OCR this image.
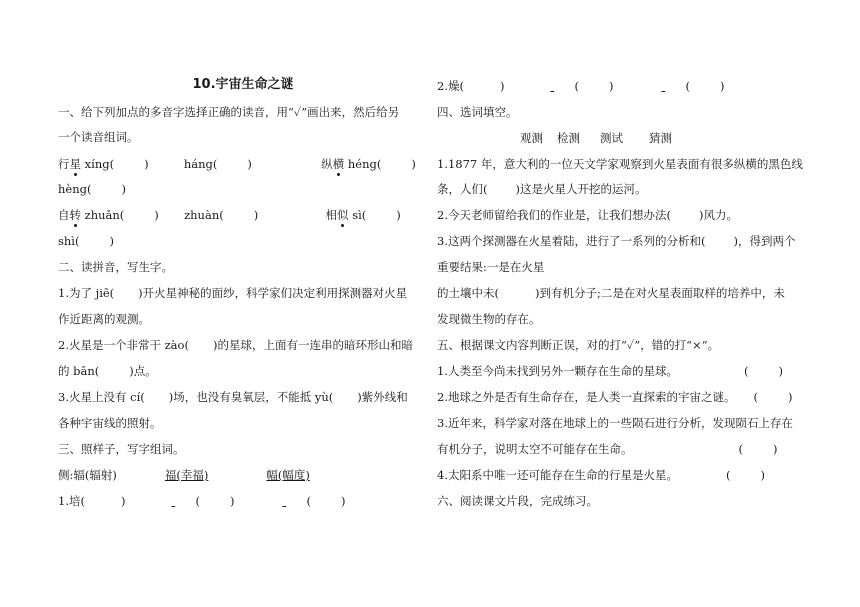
10.宇宙生命之谜
一、给下列加点的多音字选择正确的读音，用“✓”画出来，然后给另
一个读音组词。
行星 xíng(	)	háng(	)	纵横 héng(	)
hèng(	)
自转 zhuǎn(	) zhuàn(	)	相似 sì(	)
shì(	)
二、读拼音，写生字。
1.为了 jiē( )开火星神秘的面纱，科学家们决定利用探测器对火星
作近距离的观测。
2.火星是一个非常干 zào( )的星球，上面有一连串的暗环形山和暗
的 bān(	)点。
3.火星上没有 cí( )场，也没有臭氧层，不能抵 yù( )紫外线和
各种宇宙线的照射。
三、照样子，写字组词。
侧:辐(辐射)	福(幸福)	幅(幅度)
1.培(	)	(	)	(	)
2.燥(	)	(	)	(	)
四、选词填空。
观测 检测 测试 猜测
1.1877 年，意大利的一位天文学家观察到火星表面有很多纵横的黑色线
条，人们( )这是火星人开挖的运河。
2.今天老师留给我们的作业是，让我们想办法( )风力。
3.这两个探测器在火星着陆，进行了一系列的分析和( )，得到两个
重要结果:一是在火星
的土壤中未(	)到有机分子;二是在对火星表面取样的培养中，未
发现微生物的存在。
五、根据课文内容判断正误，对的打“✓”，错的打“×”。
1.人类至今尚未找到另外一颗存在生命的星球。	(	)
2.地球之外是否有生命存在，是人类一直探索的宇宙之谜。 (	)
3.近年来，科学家对落在地球上的一些陨石进行分析，发现陨石上存在
有机分子，说明太空不可能存在生命。	(	)
4.太阳系中唯一还可能存在生命的行星是火星。	(	)
六、阅读课文片段，完成练习。
